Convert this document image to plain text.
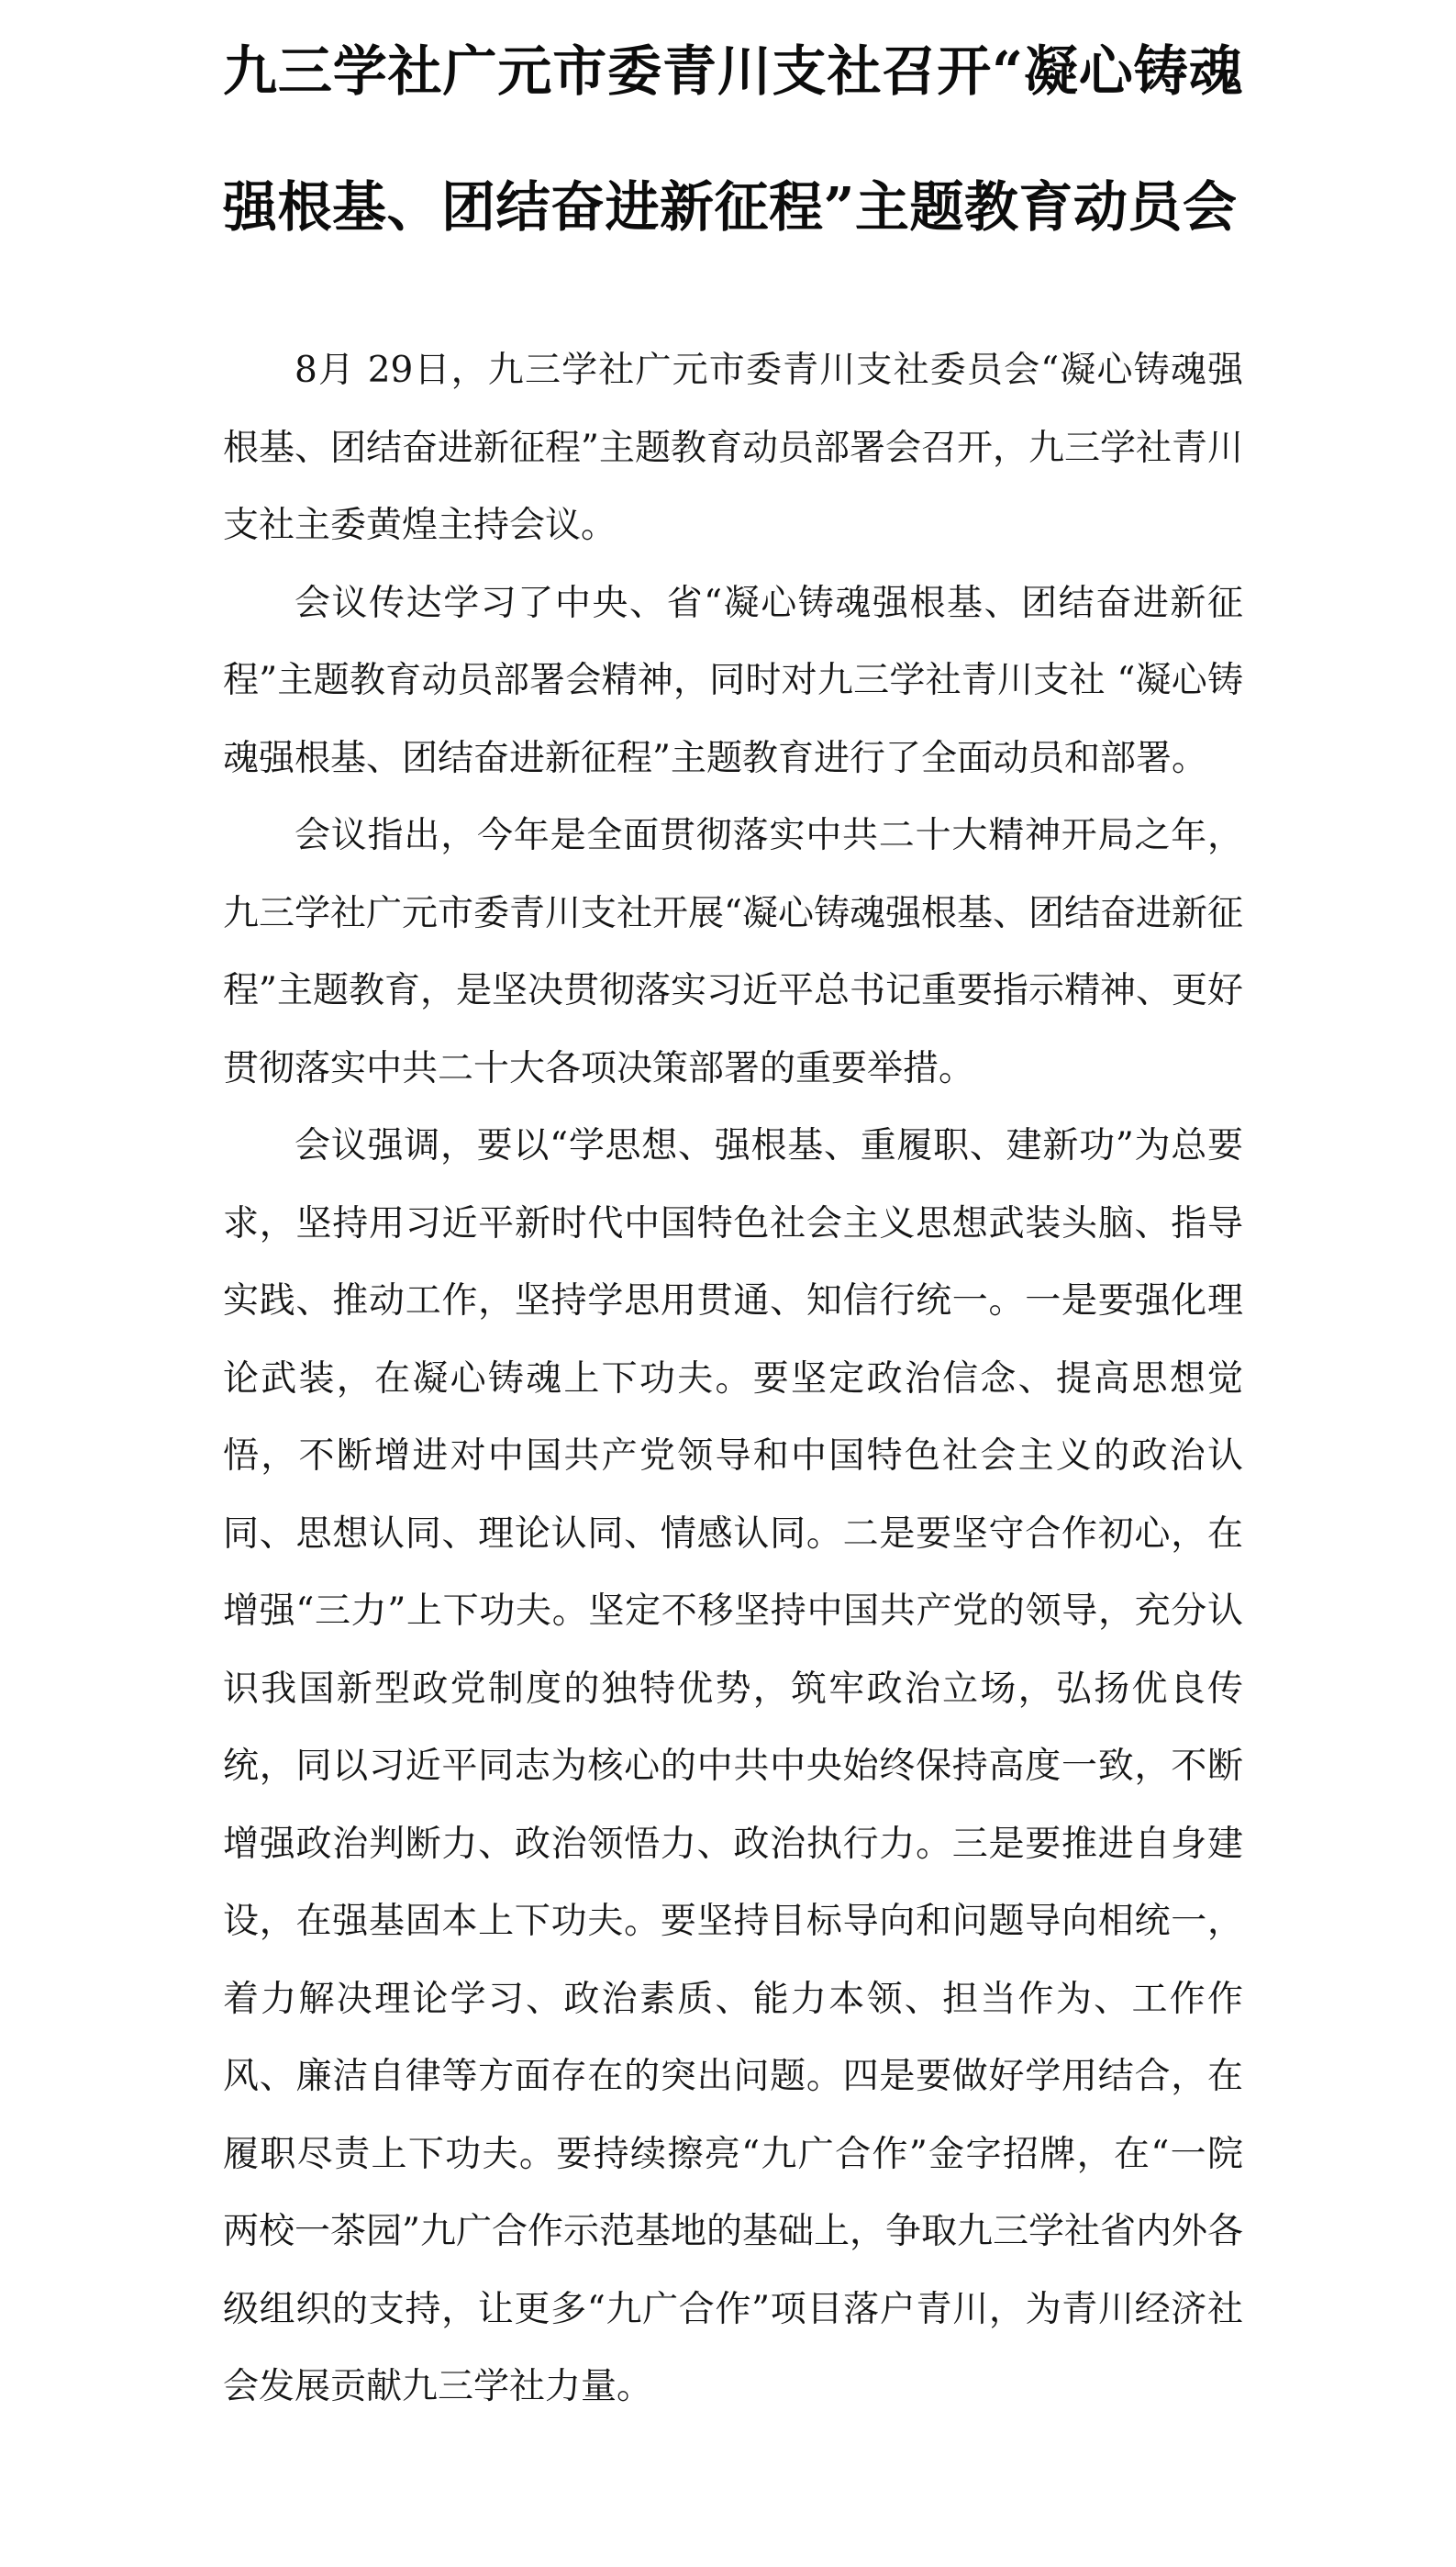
九三学社广元市委青川支社召开“凝心铸魂强根基、团结奋进新征程”主题教育动员会

8月 29日，九三学社广元市委青川支社委员会“凝心铸魂强根基、团结奋进新征程”主题教育动员部署会召开，九三学社青川支社主委黄煌主持会议。

会议传达学习了中央、省“凝心铸魂强根基、团结奋进新征程”主题教育动员部署会精神，同时对九三学社青川支社 “凝心铸魂强根基、团结奋进新征程”主题教育进行了全面动员和部署。

会议指出，今年是全面贯彻落实中共二十大精神开局之年，九三学社广元市委青川支社开展“凝心铸魂强根基、团结奋进新征程”主题教育，是坚决贯彻落实习近平总书记重要指示精神、更好贯彻落实中共二十大各项决策部署的重要举措。

会议强调，要以“学思想、强根基、重履职、建新功”为总要求，坚持用习近平新时代中国特色社会主义思想武装头脑、指导实践、推动工作，坚持学思用贯通、知信行统一。一是要强化理论武装，在凝心铸魂上下功夫。要坚定政治信念、提高思想觉悟，不断增进对中国共产党领导和中国特色社会主义的政治认同、思想认同、理论认同、情感认同。二是要坚守合作初心，在增强“三力”上下功夫。坚定不移坚持中国共产党的领导，充分认识我国新型政党制度的独特优势，筑牢政治立场，弘扬优良传统，同以习近平同志为核心的中共中央始终保持高度一致，不断增强政治判断力、政治领悟力、政治执行力。三是要推进自身建设，在强基固本上下功夫。要坚持目标导向和问题导向相统一，着力解决理论学习、政治素质、能力本领、担当作为、工作作风、廉洁自律等方面存在的突出问题。四是要做好学用结合，在履职尽责上下功夫。要持续擦亮“九广合作”金字招牌，在“一院两校一茶园”九广合作示范基地的基础上，争取九三学社省内外各级组织的支持，让更多“九广合作”项目落户青川，为青川经济社会发展贡献九三学社力量。
